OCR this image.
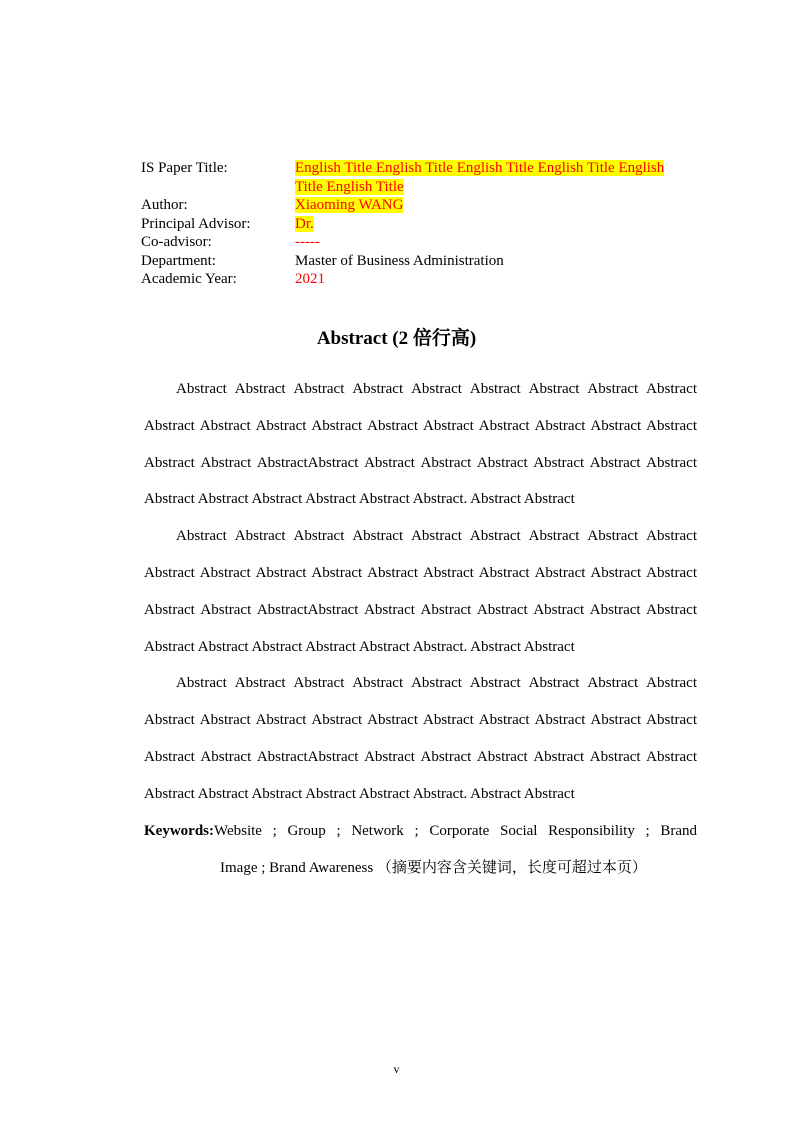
IS Paper Title:	English Title English Title English Title English Title English
Title English Title
Author:	Xiaoming WANG
Principal Advisor:	Dr.
Co-advisor:	-----
Department:	Master of Business Administration
Academic Year:	2021
Abstract (2 倍行高)

Abstract Abstract Abstract Abstract Abstract Abstract Abstract Abstract Abstract Abstract Abstract Abstract Abstract Abstract Abstract Abstract Abstract Abstract Abstract Abstract Abstract AbstractAbstract Abstract Abstract Abstract Abstract Abstract Abstract Abstract Abstract Abstract Abstract Abstract Abstract. Abstract Abstract

Abstract Abstract Abstract Abstract Abstract Abstract Abstract Abstract Abstract Abstract Abstract Abstract Abstract Abstract Abstract Abstract Abstract Abstract Abstract Abstract Abstract AbstractAbstract Abstract Abstract Abstract Abstract Abstract Abstract Abstract Abstract Abstract Abstract Abstract Abstract. Abstract Abstract

Abstract Abstract Abstract Abstract Abstract Abstract Abstract Abstract Abstract Abstract Abstract Abstract Abstract Abstract Abstract Abstract Abstract Abstract Abstract Abstract Abstract AbstractAbstract Abstract Abstract Abstract Abstract Abstract Abstract Abstract Abstract Abstract Abstract Abstract Abstract. Abstract Abstract

Keywords:Website ; Group ; Network ; Corporate Social Responsibility ; Brand

Image ; Brand Awareness （摘要内容含关键词，长度可超过本页）

v
